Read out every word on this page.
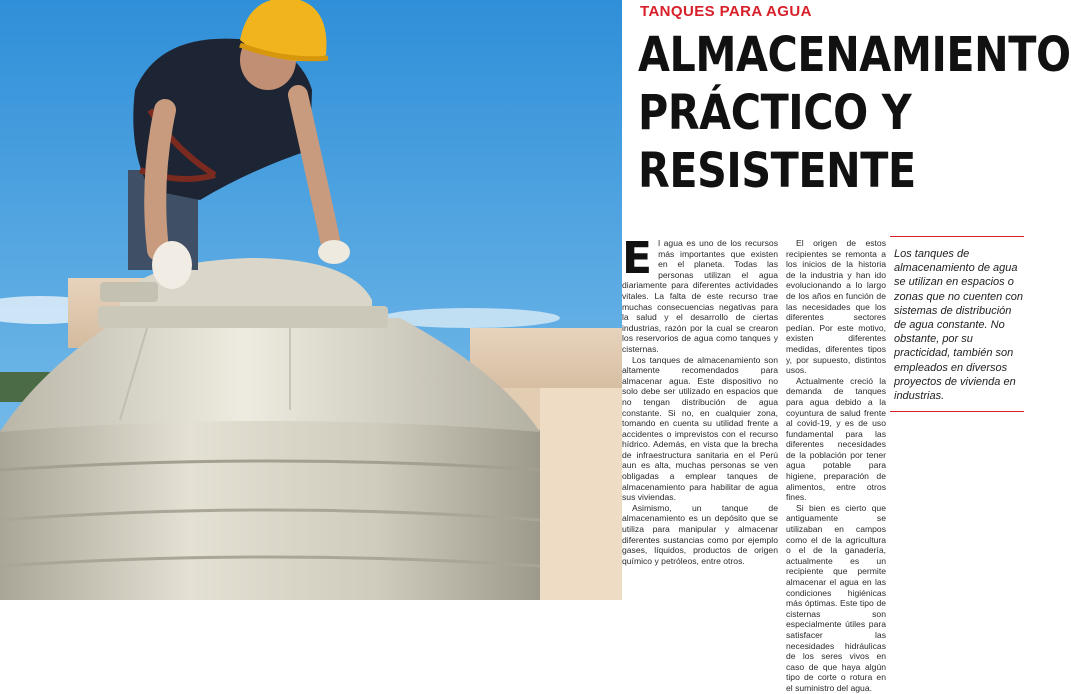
TANQUES PARA AGUA
ALMACENAMIENTO
PRÁCTICO Y
RESISTENTE
E l agua es uno de los recursos más importantes que existen en el planeta. Todas las personas utilizan el agua diariamente para diferentes actividades vitales. La falta de este recurso trae muchas consecuencias negativas para la salud y el desarrollo de ciertas industrias, razón por la cual se crearon los reservorios de agua como tanques y cisternas.

Los tanques de almacenamiento son altamente recomendados para almacenar agua. Este dispositivo no solo debe ser utilizado en espacios que no tengan distribución de agua constante. Si no, en cualquier zona, tomando en cuenta su utilidad frente a accidentes o imprevistos con el recurso hídrico. Además, en vista que la brecha de infraestructura sanitaria en el Perú aun es alta, muchas personas se ven obligadas a emplear tanques de almacenamiento para habilitar de agua sus viviendas.

Asimismo, un tanque de almacenamiento es un depósito que se utiliza para manipular y almacenar diferentes sustancias como por ejemplo gases, líquidos, productos de origen químico y petróleos, entre otros.

El origen de estos recipientes se remonta a los inicios de la historia de la industria y han ido evolucionando a lo largo de los años en función de las necesidades que los diferentes sectores pedían. Por este motivo, existen diferentes medidas, diferentes tipos y, por supuesto, distintos usos.

Actualmente creció la demanda de tanques para agua debido a la coyuntura de salud frente al covid-19, y es de uso fundamental para las diferentes necesidades de la población por tener agua potable para higiene, preparación de alimentos, entre otros fines.

Si bien es cierto que antiguamente se utilizaban en campos como el de la agricultura o el de la ganadería, actualmente es un recipiente que permite almacenar el agua en las condiciones higiénicas más óptimas. Este tipo de cisternas son especialmente útiles para satisfacer las necesidades hidráulicas de los seres vivos en caso de que haya algún tipo de corte o rotura en el suministro del agua.

Los tanques de almacenamiento de agua se utilizan en espacios o zonas que no cuenten con sistemas de distribución de agua constante. No obstante, por su practicidad, también son empleados en diversos proyectos de vivienda en industrias.
